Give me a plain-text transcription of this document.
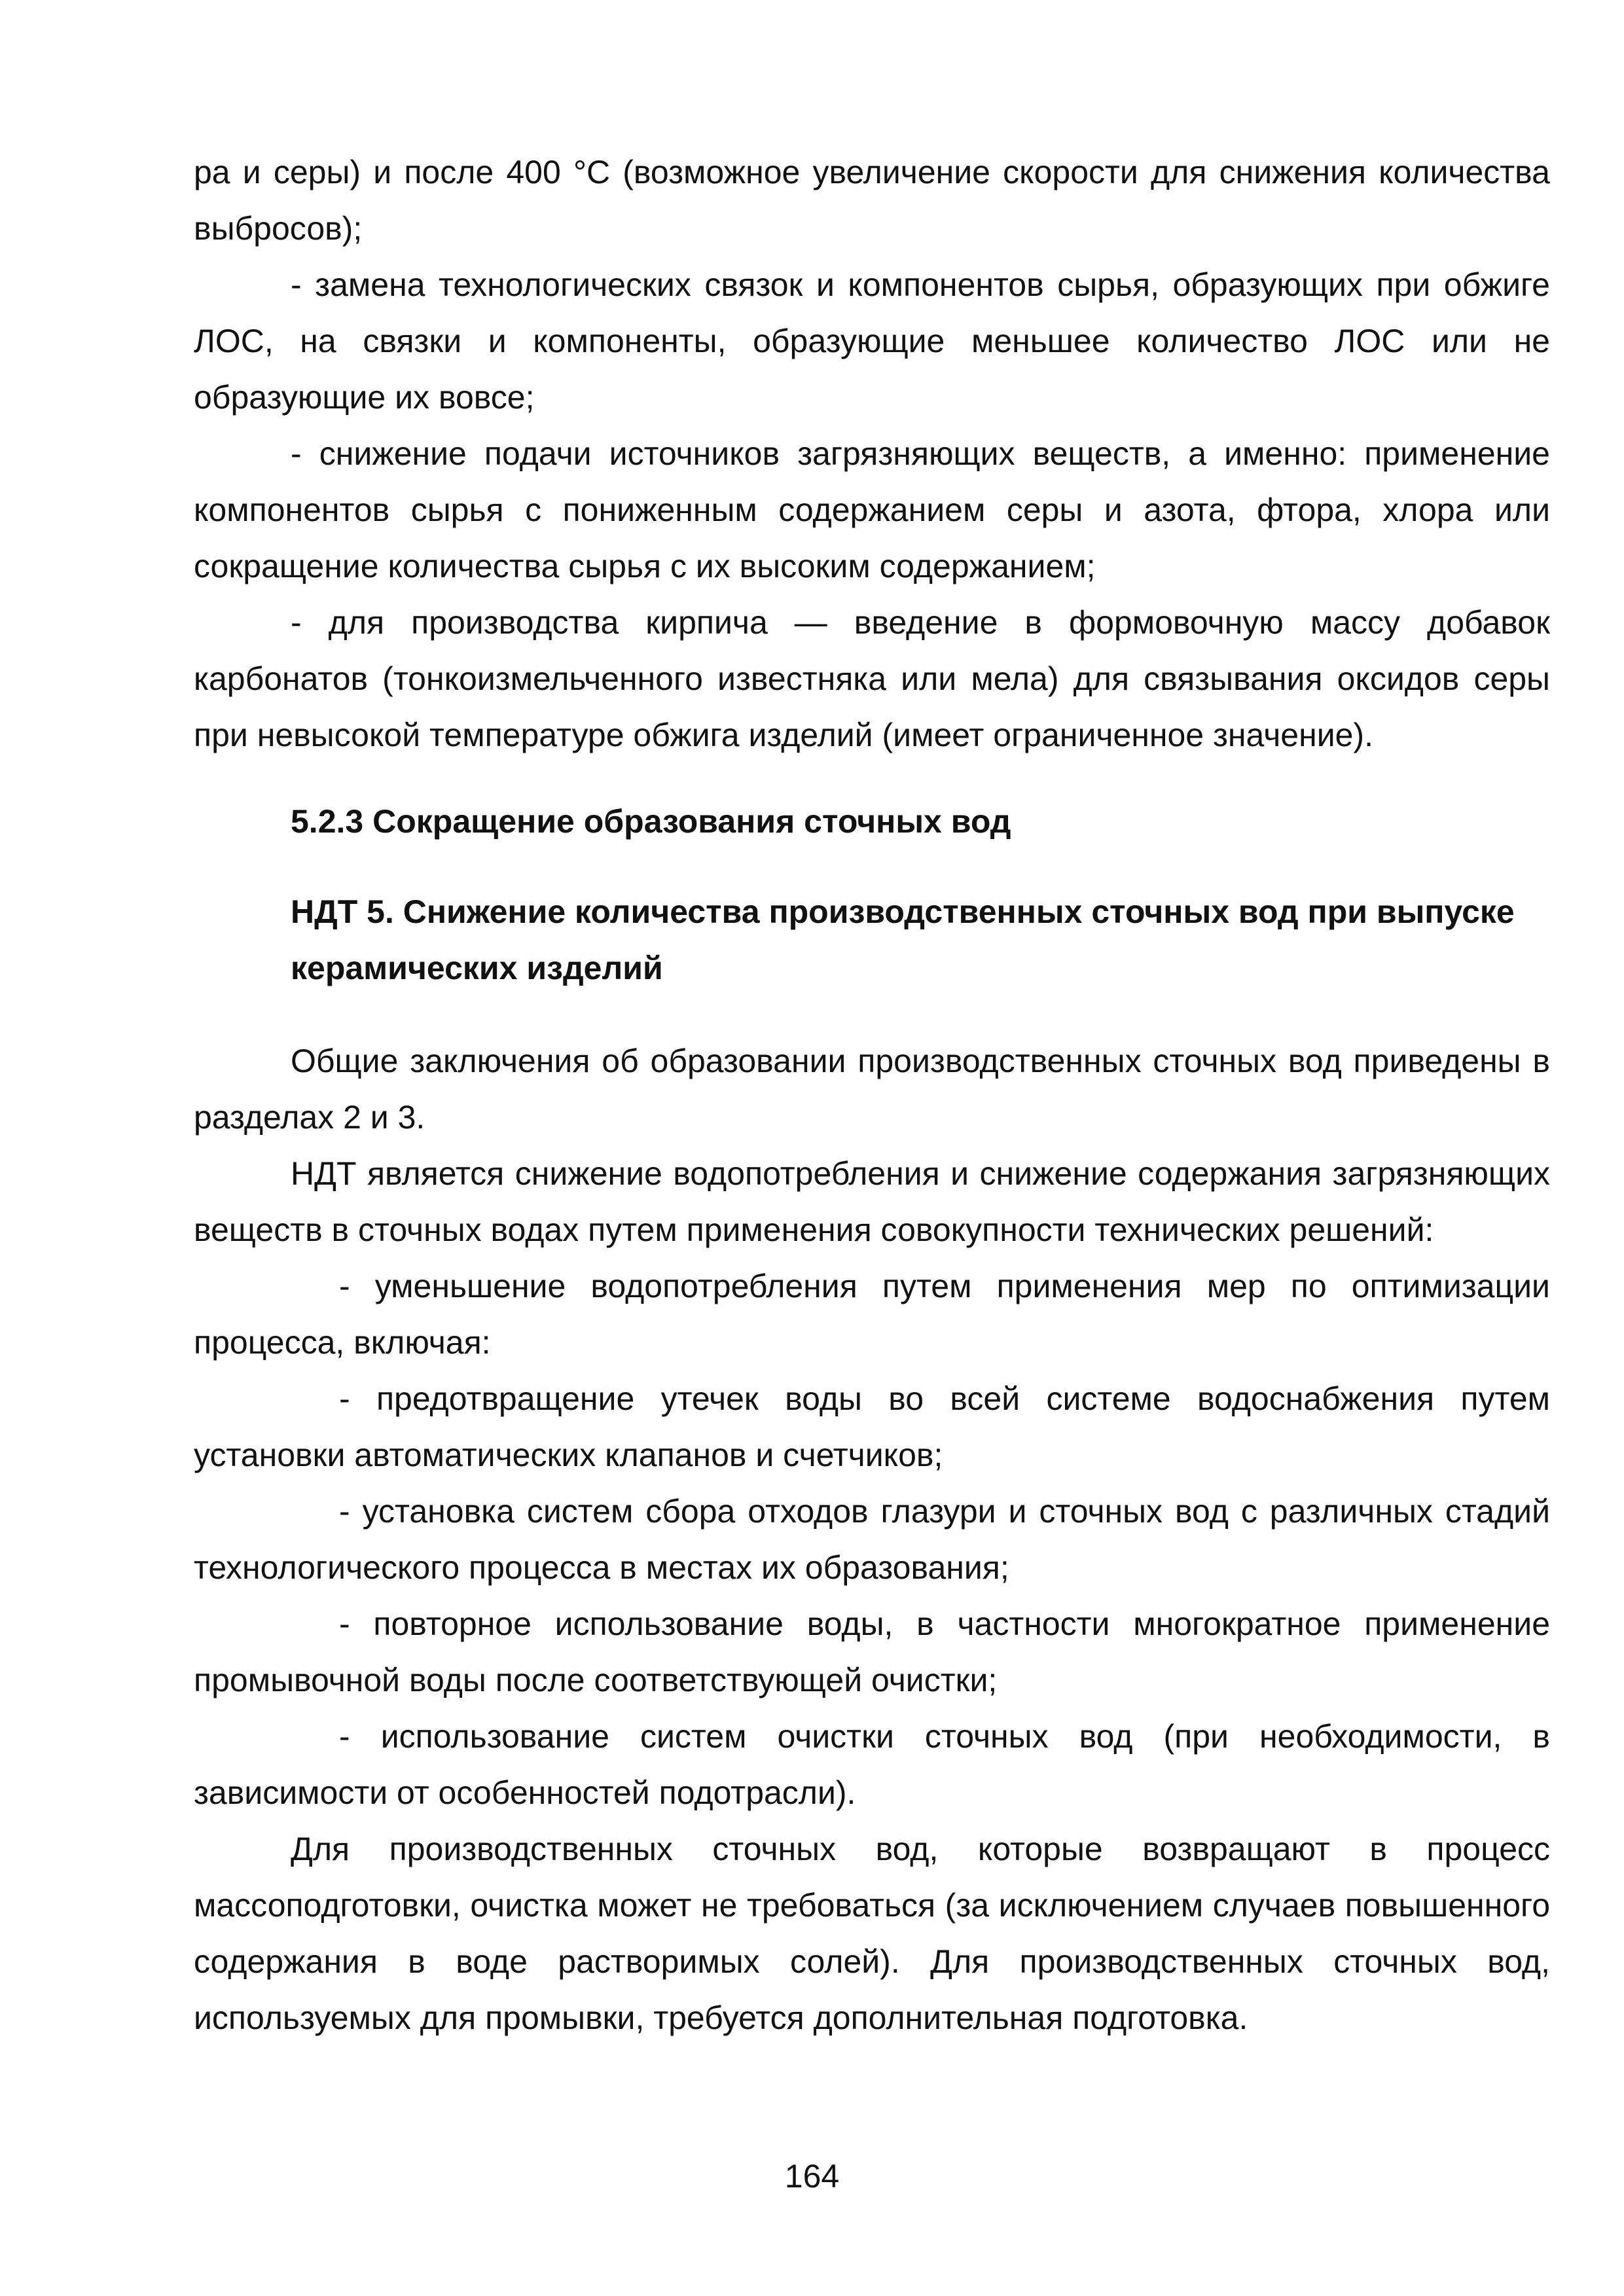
ра и серы) и после 400 °С (возможное увеличение скорости для снижения количества выбросов);

- замена технологических связок и компонентов сырья, образующих при обжиге ЛОС, на связки и компоненты, образующие меньшее количество ЛОС или не образующие их вовсе;

- снижение подачи источников загрязняющих веществ, а именно: применение компонентов сырья с пониженным содержанием серы и азота, фтора, хлора или сокращение количества сырья с их высоким содержанием;

- для производства кирпича — введение в формовочную массу добавок карбонатов (тонкоизмельченного известняка или мела) для связывания оксидов серы при невысокой температуре обжига изделий (имеет ограниченное значение).

5.2.3 Сокращение образования сточных вод
НДТ 5. Снижение количества производственных сточных вод при выпуске керамических изделий

Общие заключения об образовании производственных сточных вод приведены в разделах 2 и 3.

НДТ является снижение водопотребления и снижение содержания загрязняющих веществ в сточных водах путем применения совокупности технических решений:

- уменьшение водопотребления путем применения мер по оптимизации процесса, включая:

- предотвращение утечек воды во всей системе водоснабжения путем установки автоматических клапанов и счетчиков;

- установка систем сбора отходов глазури и сточных вод с различных стадий технологического процесса в местах их образования;

- повторное использование воды, в частности многократное применение промывочной воды после соответствующей очистки;

- использование систем очистки сточных вод (при необходимости, в зависимости от особенностей подотрасли).

Для производственных сточных вод, которые возвращают в процесс массоподготовки, очистка может не требоваться (за исключением случаев повышенного содержания в воде растворимых солей). Для производственных сточных вод, используемых для промывки, требуется дополнительная подготовка.

164
